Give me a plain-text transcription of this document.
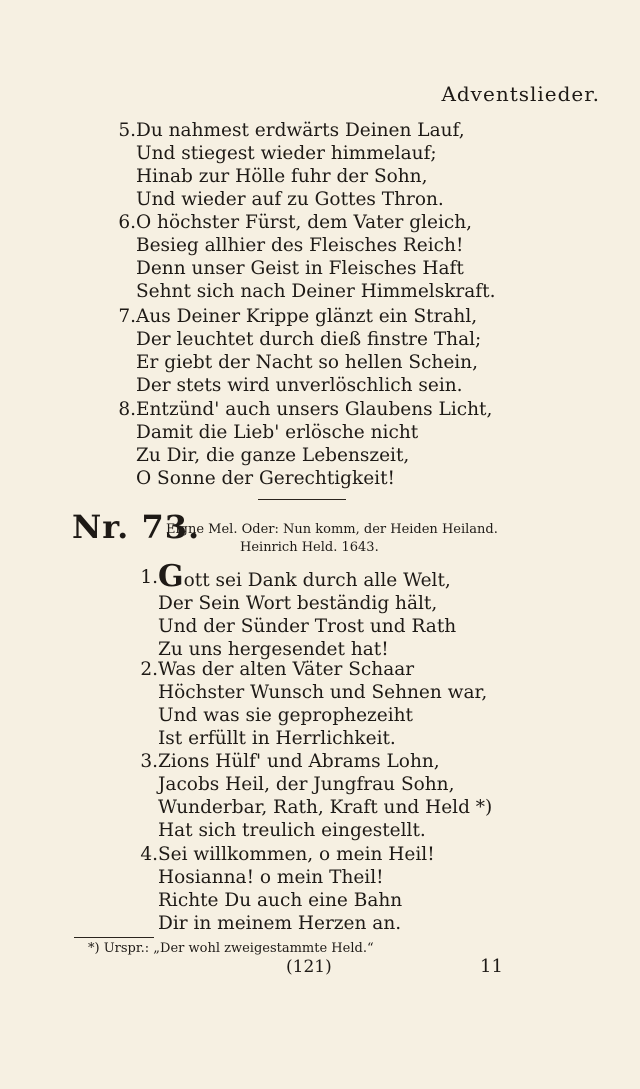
Adventslieder.
5. Du nahmest erdwärts Deinen Lauf,
Und stiegest wieder himmelauf;
Hinab zur Hölle fuhr der Sohn,
Und wieder auf zu Gottes Thron.
6. O höchster Fürst, dem Vater gleich,
Besieg allhier des Fleisches Reich!
Denn unser Geist in Fleisches Haft
Sehnt sich nach Deiner Himmelskraft.
7. Aus Deiner Krippe glänzt ein Strahl,
Der leuchtet durch dieß finstre Thal;
Er giebt der Nacht so hellen Schein,
Der stets wird unverlöschlich sein.
8. Entzünd' auch unsers Glaubens Licht,
Damit die Lieb' erlösche nicht
Zu Dir, die ganze Lebenszeit,
O Sonne der Gerechtigkeit!
Nr. 73.
Eigne Mel. Oder: Nun komm, der Heiden Heiland.
Heinrich Held. 1643.
1. Gott sei Dank durch alle Welt,
Der Sein Wort beständig hält,
Und der Sünder Trost und Rath
Zu uns hergesendet hat!
2. Was der alten Väter Schaar
Höchster Wunsch und Sehnen war,
Und was sie geprophezeiht
Ist erfüllt in Herrlichkeit.
3. Zions Hülf' und Abrams Lohn,
Jacobs Heil, der Jungfrau Sohn,
Wunderbar, Rath, Kraft und Held *)
Hat sich treulich eingestellt.
4. Sei willkommen, o mein Heil!
Hosianna! o mein Theil!
Richte Du auch eine Bahn
Dir in meinem Herzen an.
*) Urspr.: „Der wohl zweigestammte Held.“
(121)	11
